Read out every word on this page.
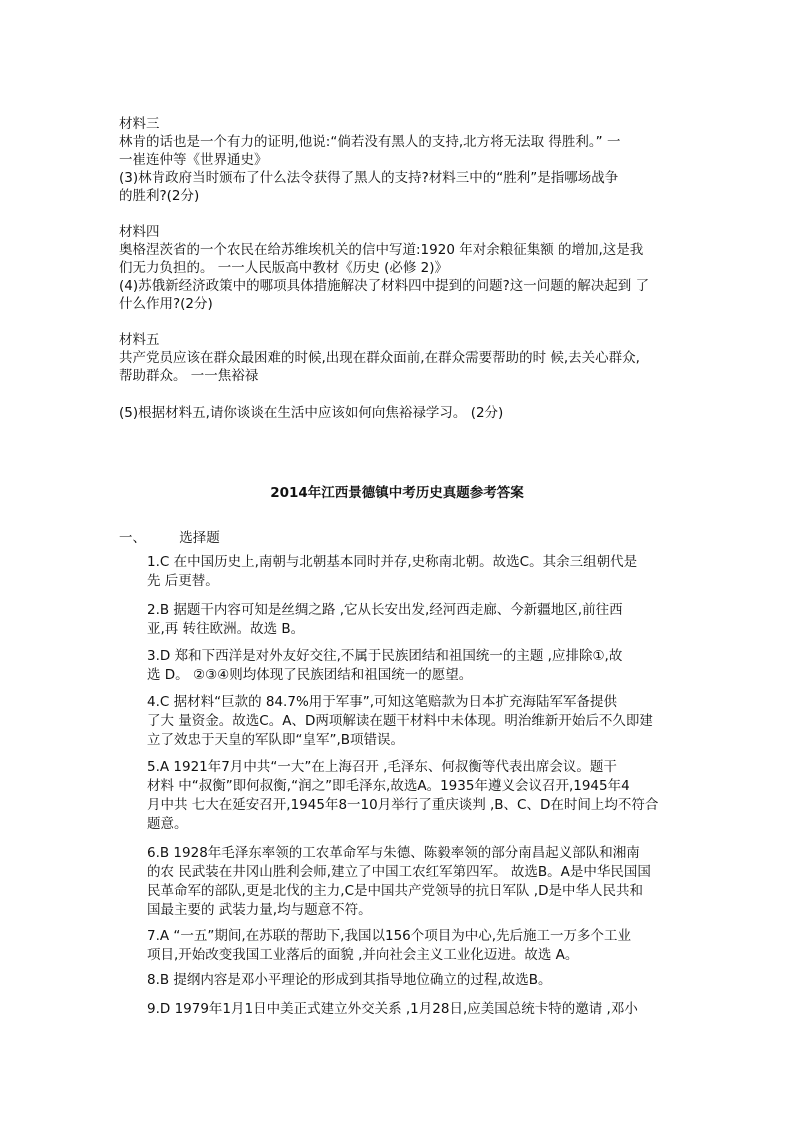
材料三
林肯的话也是一个有力的证明,他说:“倘若没有黑人的支持,北方将无法取 得胜利。” 一
一崔连仲等《世界通史》
(3)林肯政府当时颁布了什么法令获得了黑人的支持?材料三中的“胜利”是指哪场战争
的胜利?(2分)
材料四
奥格涅茨省的一个农民在给苏维埃机关的信中写道:1920 年对余粮征集额 的增加,这是我
们无力负担的。 一一人民版高中教材《历史 (必修 2)》
(4)苏俄新经济政策中的哪项具体措施解决了材料四中提到的问题?这一问题的解决起到 了
什么作用?(2分)
材料五
共产党员应该在群众最困难的时候,出现在群众面前,在群众需要帮助的时 候,去关心群众,
帮助群众。 一一焦裕禄
(5)根据材料五,请你谈谈在生活中应该如何向焦裕禄学习。 (2分)
2014年江西景德镇中考历史真题参考答案
一、 选择题
1.C 在中国历史上,南朝与北朝基本同时并存,史称南北朝。故选C。其余三组朝代是
先 后更替。
2.B 据题干内容可知是丝绸之路 ,它从长安出发,经河西走廊、今新疆地区,前往西
亚,再 转往欧洲。故选 B。
3.D 郑和下西洋是对外友好交往,不属于民族团结和祖国统一的主题 ,应排除①,故
选 D。 ②③④则均体现了民族团结和祖国统一的愿望。
4.C 据材料“巨款的 84.7%用于军事”,可知这笔赔款为日本扩充海陆军军备提供
了大 量资金。故选C。A、D两项解读在题干材料中未体现。明治维新开始后不久即建
立了效忠于天皇的军队即“皇军”,B项错误。
5.A 1921年7月中共“一大”在上海召开 ,毛泽东、何叔衡等代表出席会议。题干
材料 中“叔衡”即何叔衡,“润之”即毛泽东,故选A。1935年遵义会议召开,1945年4
月中共 七大在延安召开,1945年8一10月举行了重庆谈判 ,B、C、D在时间上均不符合
题意。
6.B 1928年毛泽东率领的工农革命军与朱德、陈毅率领的部分南昌起义部队和湘南
的农 民武装在井冈山胜利会师,建立了中国工农红军第四军。 故选B。A是中华民国国
民革命军的部队,更是北伐的主力,C是中国共产党领导的抗日军队 ,D是中华人民共和
国最主要的 武装力量,均与题意不符。
7.A “一五”期间,在苏联的帮助下,我国以156个项目为中心,先后施工一万多个工业
项目,开始改变我国工业落后的面貌 ,并向社会主义工业化迈进。故选 A。
8.B 提纲内容是邓小平理论的形成到其指导地位确立的过程,故选B。
9.D 1979年1月1日中美正式建立外交关系 ,1月28日,应美国总统卡特的邀请 ,邓小
